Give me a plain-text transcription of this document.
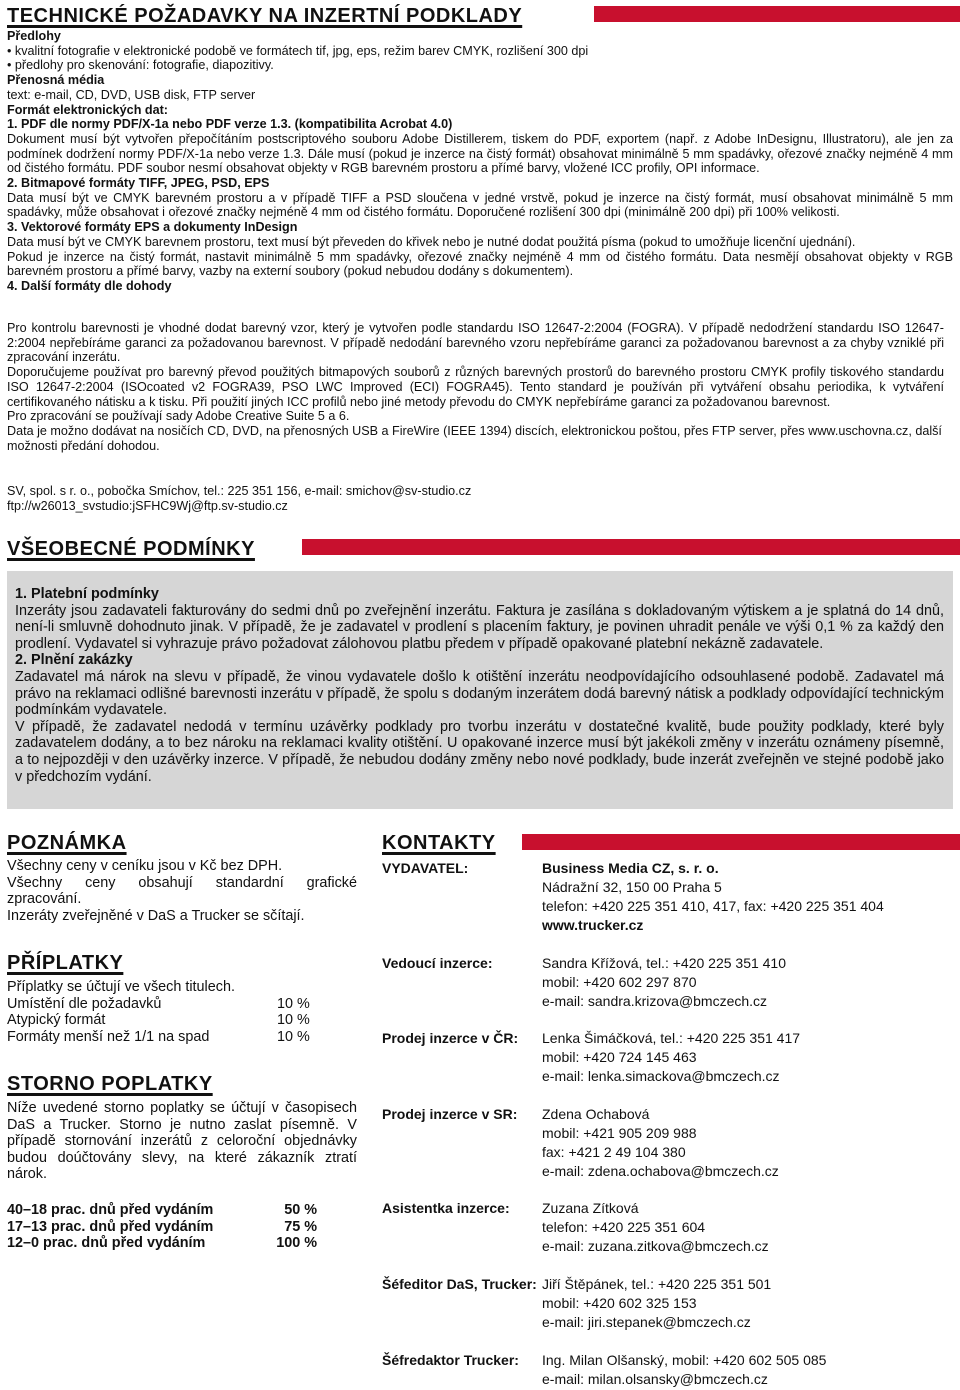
TECHNICKÉ POŽADAVKY NA INZERTNÍ PODKLADY

Předlohy

• kvalitní fotografie v elektronické podobě ve formátech tif, jpg, eps, režim barev CMYK, rozlišení 300 dpi

• předlohy pro skenování: fotografie, diapozitivy.

Přenosná média

text: e-mail, CD, DVD, USB disk, FTP server

Formát elektronických dat:

1. PDF dle normy PDF/X-1a nebo PDF verze 1.3. (kompatibilita Acrobat 4.0)

Dokument musí být vytvořen přepočítáním postscriptového souboru Adobe Distillerem, tiskem do PDF, exportem (např. z Adobe InDesignu, Illustratoru), ale jen za podmínek dodržení normy PDF/X-1a nebo verze 1.3. Dále musí (pokud je inzerce na čistý formát) obsahovat minimálně 5 mm spadávky, ořezové značky nejméně 4 mm od čistého formátu. PDF soubor nesmí obsahovat objekty v RGB barevném prostoru a přímé barvy, vložené ICC profily, OPI informace.

2. Bitmapové formáty TIFF, JPEG, PSD, EPS

Data musí být ve CMYK barevném prostoru a v případě TIFF a PSD sloučena v jedné vrstvě, pokud je inzerce na čistý formát, musí obsahovat minimálně 5 mm spadávky, může obsahovat i ořezové značky nejméně 4 mm od čistého formátu. Doporučené rozlišení 300 dpi (minimálně 200 dpi) při 100% velikosti.

3. Vektorové formáty EPS a dokumenty InDesign

Data musí být ve CMYK barevnem prostoru, text musí být převeden do křivek nebo je nutné dodat použitá písma (pokud to umožňuje licenční ujednání).

Pokud je inzerce na čistý formát, nastavit minimálně 5 mm spadávky, ořezové značky nejméně 4 mm od čistého formátu. Data nesmějí obsahovat objekty v RGB barevném prostoru a přímé barvy, vazby na externí soubory (pokud nebudou dodány s dokumentem).

4. Další formáty dle dohody

Pro kontrolu barevnosti je vhodné dodat barevný vzor, který je vytvořen podle standardu ISO 12647-2:2004 (FOGRA). V případě nedodržení standardu ISO 12647-2:2004 nepřebíráme garanci za požadovanou barevnost. V případě nedodání barevného vzoru nepřebíráme garanci za požadovanou barevnost a za chyby vzniklé při zpracování inzerátu.

Doporučujeme používat pro barevný převod použitých bitmapových souborů z různých barevných prostorů do barevného prostoru CMYK profily tiskového standardu ISO 12647-2:2004 (ISOcoated v2 FOGRA39, PSO LWC Improved (ECI) FOGRA45). Tento standard je používán při vytváření obsahu periodika, k vytváření certifikovaného nátisku a k tisku. Při použití jiných ICC profilů nebo jiné metody převodu do CMYK nepřebíráme garanci za požadovanou barevnost.

Pro zpracování se používají sady Adobe Creative Suite 5 a 6.

Data je možno dodávat na nosičích CD, DVD, na přenosných USB a FireWire (IEEE 1394) discích, elektronickou poštou, přes FTP server, přes www.uschovna.cz, další možnosti předání dohodou.

SV, spol. s r. o., pobočka Smíchov, tel.: 225 351 156, e-mail: smichov@sv-studio.cz

ftp://w26013_svstudio:jSFHC9Wj@ftp.sv-studio.cz

VŠEOBECNÉ PODMÍNKY

1. Platební podmínky

Inzeráty jsou zadavateli fakturovány do sedmi dnů po zveřejnění inzerátu. Faktura je zasílána s dokladovaným výtiskem a je splatná do 14 dnů, není-li smluvně dohodnuto jinak. V případě, že je zadavatel v prodlení s placením faktury, je povinen uhradit penále ve výši 0,1 % za každý den prodlení. Vydavatel si vyhrazuje právo požadovat zálohovou platbu předem v případě opakované platební nekázně zadavatele.

2. Plnění zakázky

Zadavatel má nárok na slevu v případě, že vinou vydavatele došlo k otištění inzerátu neodpovídajícího odsouhlasené podobě. Zadavatel má právo na reklamaci odlišné barevnosti inzerátu v případě, že spolu s dodaným inzerátem dodá barevný nátisk a podklady odpovídající technickým podmínkám vydavatele.

V případě, že zadavatel nedodá v termínu uzávěrky podklady pro tvorbu inzerátu v dostatečné kvalitě, bude použity podklady, které byly zadavatelem dodány, a to bez nároku na reklamaci kvality otištění. U opakované inzerce musí být jakékoli změny v inzerátu oznámeny písemně, a to nejpozději v den uzávěrky inzerce. V případě, že nebudou dodány změny nebo nové podklady, bude inzerát zveřejněn ve stejné podobě jako v předchozím vydání.

POZNÁMKA

Všechny ceny v ceníku jsou v Kč bez DPH.

Všechny ceny obsahují standardní grafické zpracování.

Inzeráty zveřejněné v DaS a Trucker se sčítají.

PŘÍPLATKY

Příplatky se účtují ve všech titulech.

Umístění dle požadavků	10 %
Atypický formát	10 %
Formáty menší než 1/1 na spad	10 %
STORNO POPLATKY
Níže uvedené storno poplatky se účtují v časopisech DaS a Trucker. Storno je nutno zaslat písemně. V případě stornování inzerátů z celoroční objednávky budou doúčtovány slevy, na které zákazník ztratí nárok.
40–18 prac. dnů před vydáním	50 %
17–13 prac. dnů před vydáním	75 %
12–0 prac. dnů před vydáním	100 %
KONTAKTY
VYDAVATEL:	Business Media CZ, s. r. o.
Nádražní 32, 150 00 Praha 5
telefon: +420 225 351 410, 417, fax: +420 225 351 404
www.trucker.cz
Vedoucí inzerce:	Sandra Křížová, tel.: +420 225 351 410
mobil: +420 602 297 870
e-mail: sandra.krizova@bmczech.cz
Prodej inzerce v ČR: Lenka Šimáčková, tel.: +420 225 351 417
mobil: +420 724 145 463
e-mail: lenka.simackova@bmczech.cz
Prodej inzerce v SR: Zdena Ochabová
mobil: +421 905 209 988
fax: +421 2 49 104 380
e-mail: zdena.ochabova@bmczech.cz
Asistentka inzerce: Zuzana Zítková
telefon: +420 225 351 604
e-mail: zuzana.zitkova@bmczech.cz
Šéfeditor DaS, Trucker: Jiří Štěpánek, tel.: +420 225 351 501
mobil: +420 602 325 153
e-mail: jiri.stepanek@bmczech.cz
Šéfredaktor Trucker: Ing. Milan Olšanský, mobil: +420 602 505 085
e-mail: milan.olsansky@bmczech.cz
